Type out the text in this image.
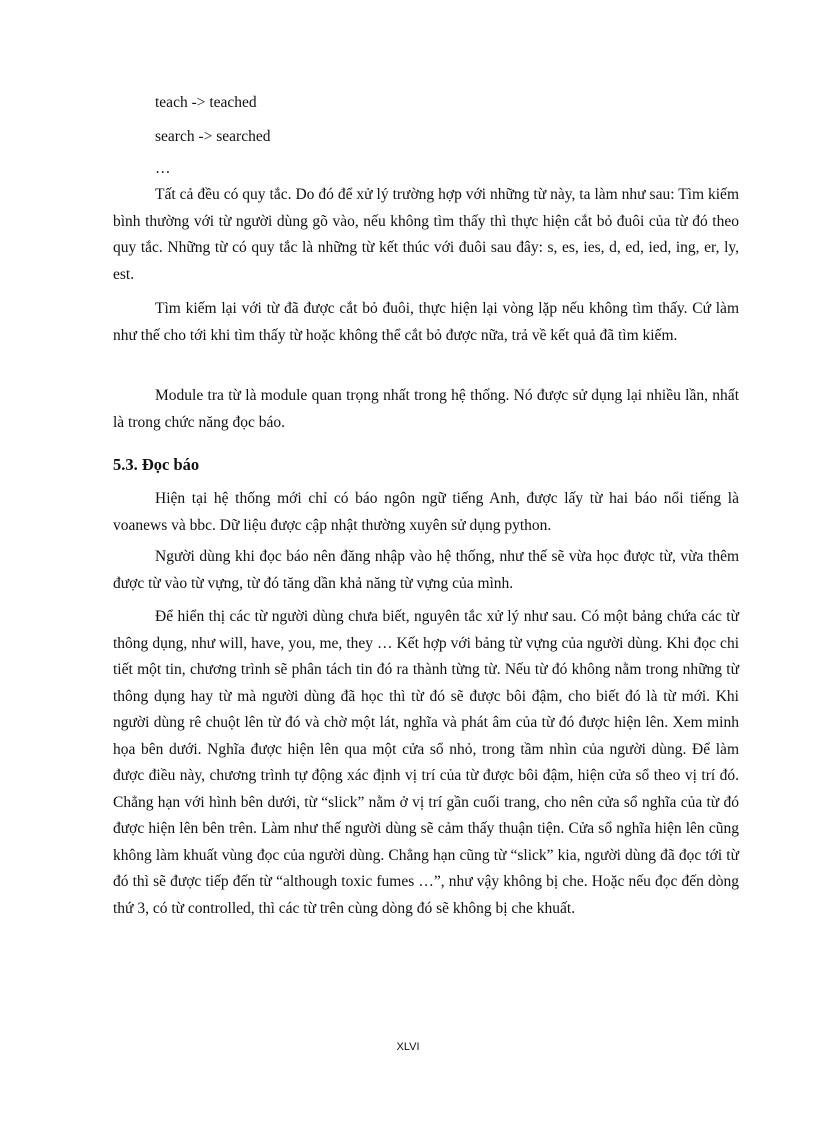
teach -> teached
search -> searched
…

Tất cả đều có quy tắc. Do đó để xử lý trường hợp với những từ này, ta làm như sau: Tìm kiếm bình thường với từ người dùng gõ vào, nếu không tìm thấy thì thực hiện cắt bỏ đuôi của từ đó theo quy tắc. Những từ có quy tắc là những từ kết thúc với đuôi sau đây: s, es, ies, d, ed, ied, ing, er, ly, est.

Tìm kiếm lại với từ đã được cắt bỏ đuôi, thực hiện lại vòng lặp nếu không tìm thấy. Cứ làm như thế cho tới khi tìm thấy từ hoặc không thể cắt bỏ được nữa, trả về kết quả đã tìm kiếm.

Module tra từ là module quan trọng nhất trong hệ thống. Nó được sử dụng lại nhiều lần, nhất là trong chức năng đọc báo.

5.3. Đọc báo

Hiện tại hệ thống mới chỉ có báo ngôn ngữ tiếng Anh, được lấy từ hai báo nổi tiếng là voanews và bbc. Dữ liệu được cập nhật thường xuyên sử dụng python.

Người dùng khi đọc báo nên đăng nhập vào hệ thống, như thế sẽ vừa học được từ, vừa thêm được từ vào từ vựng, từ đó tăng dần khả năng từ vựng của mình.

Để hiển thị các từ người dùng chưa biết, nguyên tắc xử lý như sau. Có một bảng chứa các từ thông dụng, như will, have, you, me, they … Kết hợp với bảng từ vựng của người dùng. Khi đọc chi tiết một tin, chương trình sẽ phân tách tin đó ra thành từng từ. Nếu từ đó không nằm trong những từ thông dụng hay từ mà người dùng đã học thì từ đó sẽ được bôi đậm, cho biết đó là từ mới. Khi người dùng rê chuột lên từ đó và chờ một lát, nghĩa và phát âm của từ đó được hiện lên. Xem minh họa bên dưới. Nghĩa được hiện lên qua một cửa sổ nhỏ, trong tầm nhìn của người dùng. Để làm được điều này, chương trình tự động xác định vị trí của từ được bôi đậm, hiện cửa sổ theo vị trí đó. Chẳng hạn với hình bên dưới, từ “slick” nằm ở vị trí gần cuối trang, cho nên cửa sổ nghĩa của từ đó được hiện lên bên trên. Làm như thế người dùng sẽ cảm thấy thuận tiện. Cửa sổ nghĩa hiện lên cũng không làm khuất vùng đọc của người dùng. Chẳng hạn cũng từ “slick” kia, người dùng đã đọc tới từ đó thì sẽ được tiếp đến từ “although toxic fumes …”, như vậy không bị che. Hoặc nếu đọc đến dòng thứ 3, có từ controlled, thì các từ trên cùng dòng đó sẽ không bị che khuất.

XLVI
